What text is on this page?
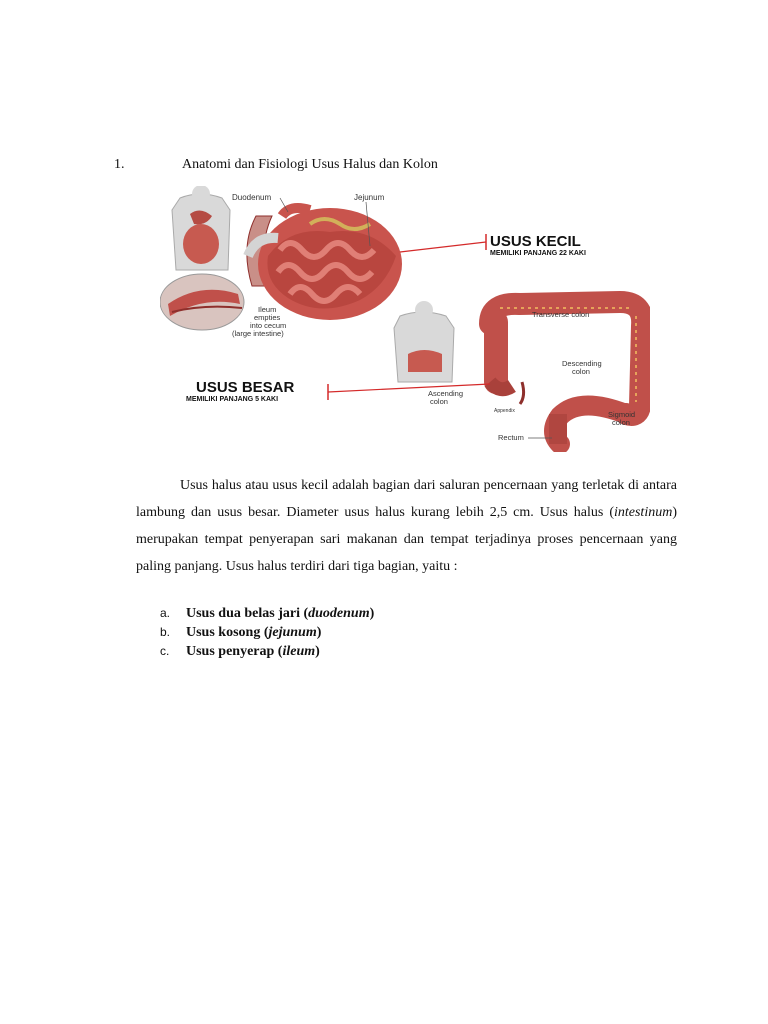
1.	Anatomi dan Fisiologi Usus Halus dan Kolon
Duodenum	Jejunum
Ileum
empties
into cecum
(large intestine)
USUS KECIL
MEMILIKI PANJANG 22 KAKI
Transverse colon
Descending
colon
Ascending
colon
Appendix	Sigmoid
colon
Rectum
USUS BESAR
MEMILIKI PANJANG 5 KAKI

Usus halus atau usus kecil adalah bagian dari saluran pencernaan yang terletak di antara lambung dan usus besar. Diameter usus halus kurang lebih 2,5 cm. Usus halus (intestinum) merupakan tempat penyerapan sari makanan dan tempat terjadinya proses pencernaan yang paling panjang. Usus halus terdiri dari tiga bagian, yaitu :

a.	Usus dua belas jari (duodenum)
b.	Usus kosong (jejunum)
c.	Usus penyerap (ileum)
